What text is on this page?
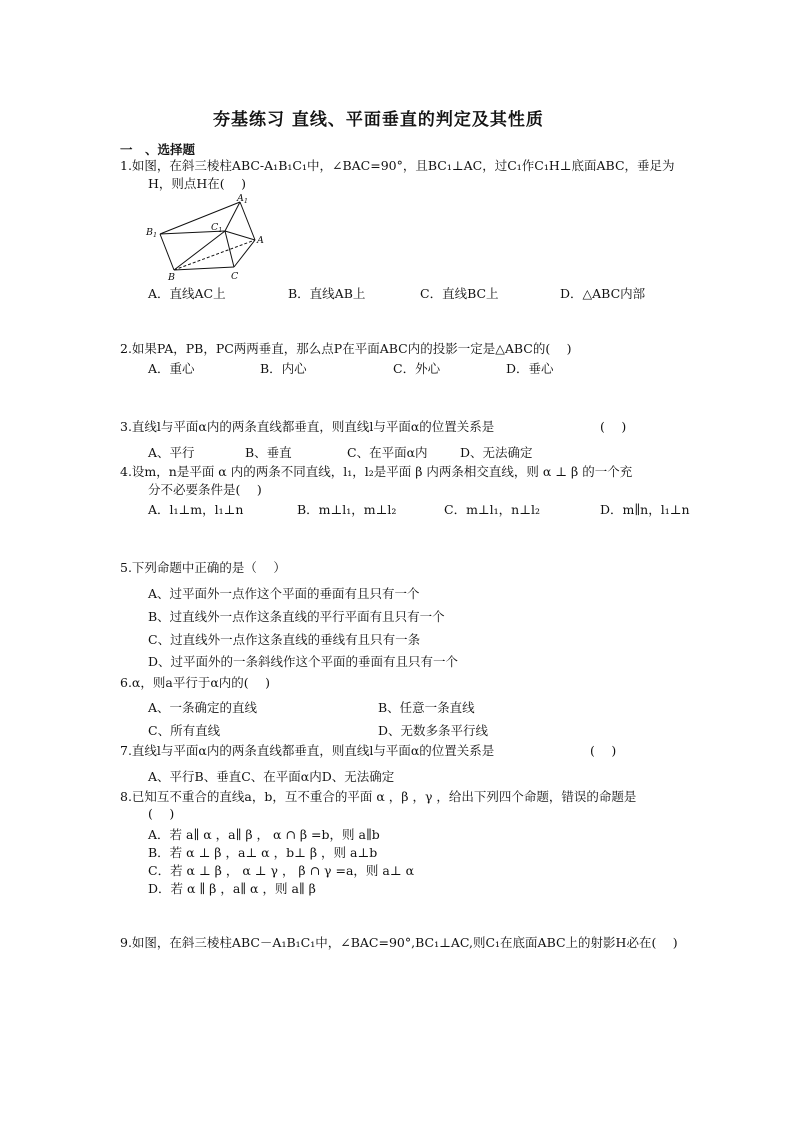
夯基练习 直线、平面垂直的判定及其性质
一　、选择题
1.如图，在斜三棱柱ABC-A₁B₁C₁中，∠BAC=90°，且BC₁⊥AC，过C₁作C₁H⊥底面ABC，垂足为
H，则点H在(　 )
$A_1$
$B_1$
$C_1$
A
B	C
A．直线AC上	B．直线AB上	C．直线BC上	D．△ABC内部
2.如果PA，PB，PC两两垂直，那么点P在平面ABC内的投影一定是△ABC的(　 )
A．重心	B．内心	C．外心	D．垂心
3.直线l与平面α内的两条直线都垂直，则直线l与平面α的位置关系是	(　 )
A、平行	B、垂直	C、在平面α内	D、无法确定
4.设m，n是平面 α 内的两条不同直线，l₁，l₂是平面 β 内两条相交直线，则 α ⊥ β 的一个充
分不必要条件是(　 )
A．l₁⊥m，l₁⊥n	B．m⊥l₁，m⊥l₂	C．m⊥l₁，n⊥l₂	D．m∥n，l₁⊥n
5.下列命题中正确的是（　 ）
A、过平面外一点作这个平面的垂面有且只有一个
B、过直线外一点作这条直线的平行平面有且只有一个
C、过直线外一点作这条直线的垂线有且只有一条
D、过平面外的一条斜线作这个平面的垂面有且只有一个
6.α，则a平行于α内的(　 )
A、一条确定的直线	B、任意一条直线
C、所有直线	D、无数多条平行线
7.直线l与平面α内的两条直线都垂直，则直线l与平面α的位置关系是	(　 )
A、平行B、垂直C、在平面α内D、无法确定
8.已知互不重合的直线a，b，互不重合的平面 α ，β ，γ ，给出下列四个命题，错误的命题是
(　 )
A．若 a∥ α ，a∥ β ， α ∩ β =b，则 a∥b
B．若 α ⊥ β ，a⊥ α ，b⊥ β ，则 a⊥b
C．若 α ⊥ β ， α ⊥ γ ， β ∩ γ =a，则 a⊥ α
D．若 α ∥ β ，a∥ α ，则 a∥ β
9.如图，在斜三棱柱ABC－A₁B₁C₁中，∠BAC=90°,BC₁⊥AC,则C₁在底面ABC上的射影H必在(　 )
